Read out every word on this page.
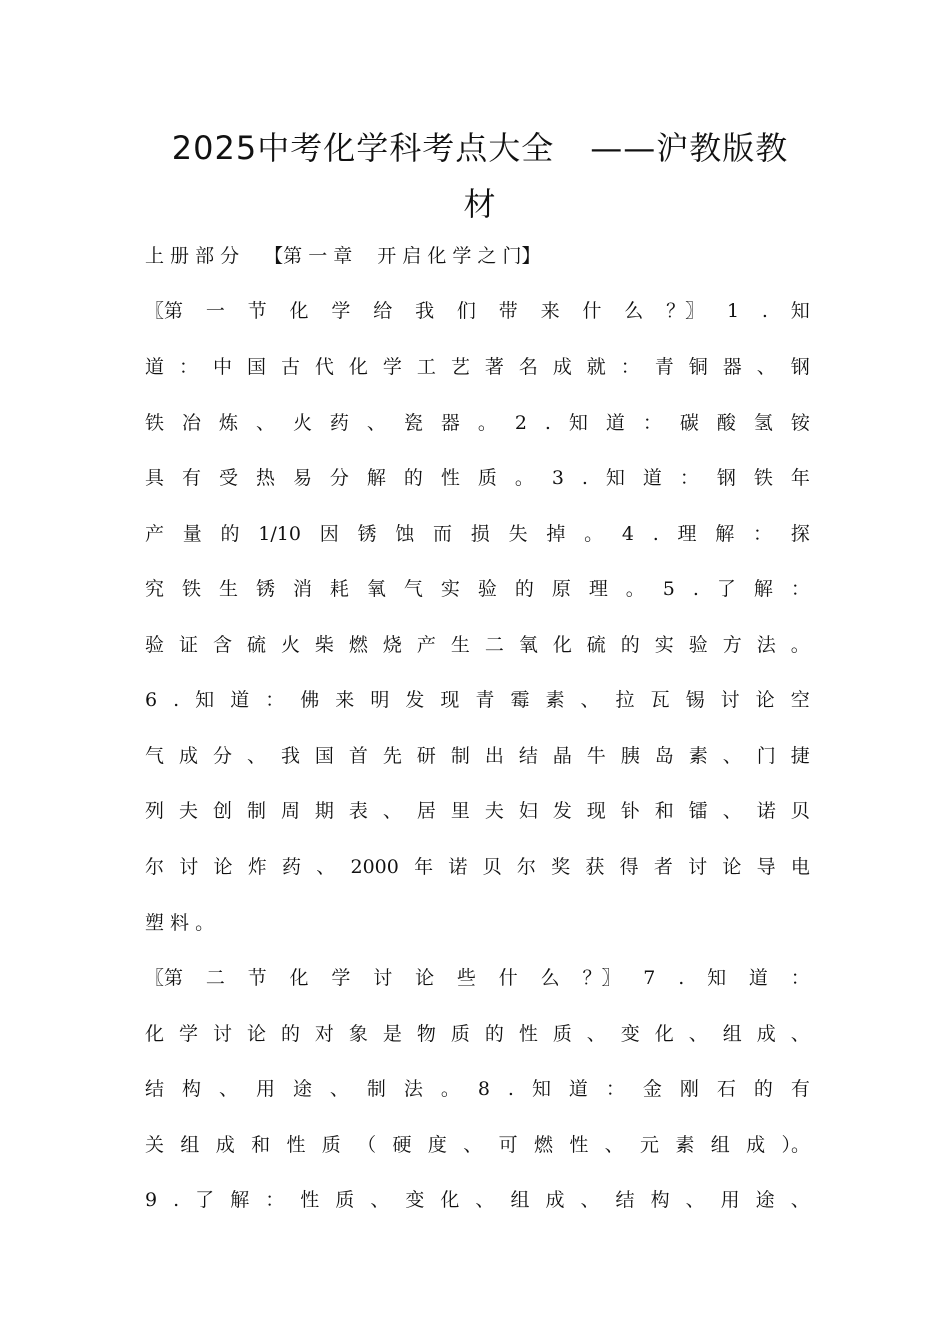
2025中考化学科考点大全 ——沪教版教
材
上 册 部 分　 【第 一 章　 开 启 化 学 之 门】
〖第 一 节 化 学 给 我 们 带 来 什 么 ？〗 1 . 知
道 ： 中 国 古 代 化 学 工 艺 著 名 成 就 ： 青 铜 器 、 钢
铁 冶 炼 、 火 药 、 瓷 器 。 2 . 知 道 ： 碳 酸 氢 铵
具 有 受 热 易 分 解 的 性 质 。 3 . 知 道 ： 钢 铁 年
产 量 的 1/10 因 锈 蚀 而 损 失 掉 。 4 . 理 解 ： 探
究 铁 生 锈 消 耗 氧 气 实 验 的 原 理 。 5 . 了 解 ：
验 证 含 硫 火 柴 燃 烧 产 生 二 氧 化 硫 的 实 验 方 法 。
6 . 知 道 ： 佛 来 明 发 现 青 霉 素 、 拉 瓦 锡 讨 论 空
气 成 分 、 我 国 首 先 研 制 出 结 晶 牛 胰 岛 素 、 门 捷
列 夫 创 制 周 期 表 、 居 里 夫 妇 发 现 钋 和 镭 、 诺 贝
尔 讨 论 炸 药 、 2000 年 诺 贝 尔 奖 获 得 者 讨 论 导 电
塑 料 。
〖第 二 节 化 学 讨 论 些 什 么 ？〗 7 . 知 道 ：
化 学 讨 论 的 对 象 是 物 质 的 性 质 、 变 化 、 组 成 、
结 构 、 用 途 、 制 法 。 8 . 知 道 ： 金 刚 石 的 有
关 组 成 和 性 质 （ 硬 度 、 可 燃 性 、 元 素 组 成 ）。
9 . 了 解 ： 性 质 、 变 化 、 组 成 、 结 构 、 用 途 、
